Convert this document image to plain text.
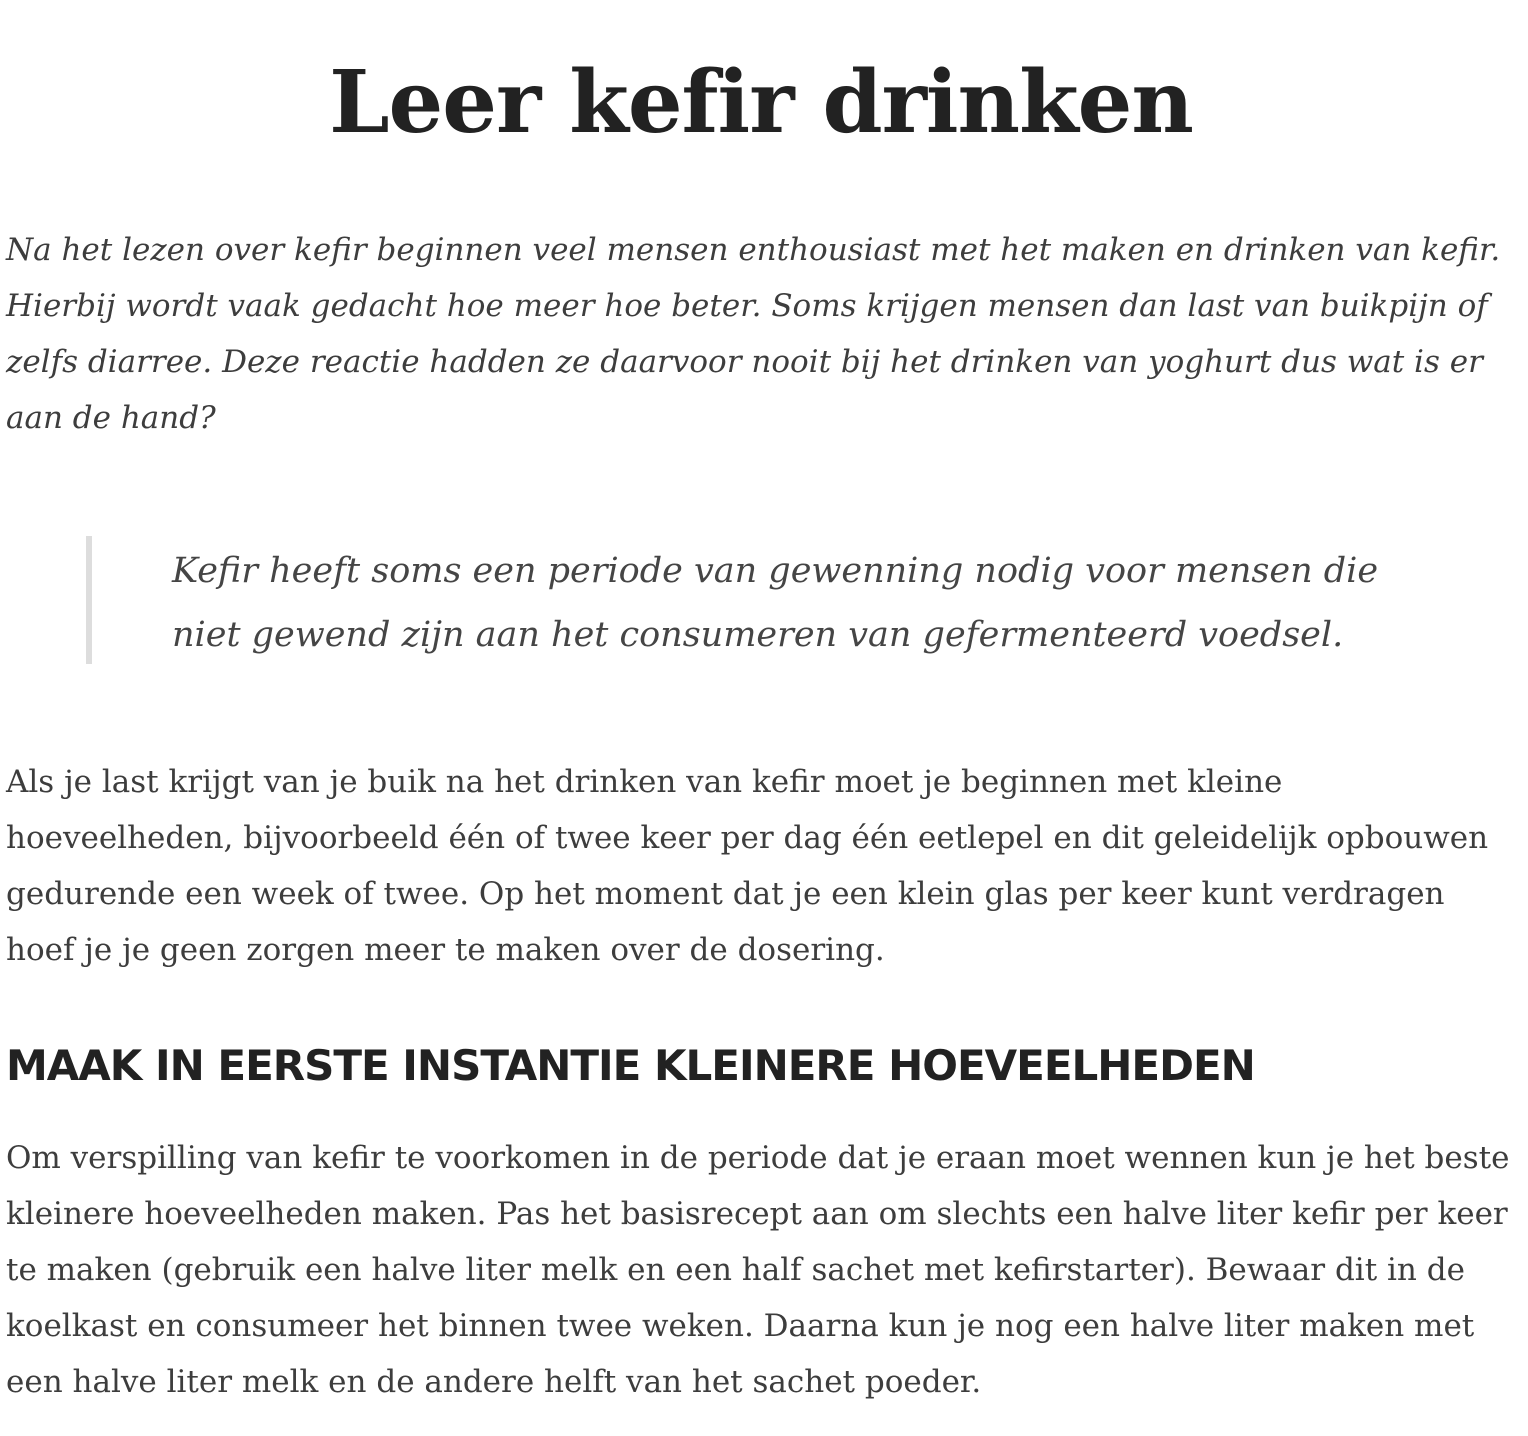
Leer kefir drinken

Na het lezen over kefir beginnen veel mensen enthousiast met het maken en drinken van kefir. Hierbij wordt vaak gedacht hoe meer hoe beter. Soms krijgen mensen dan last van buikpijn of zelfs diarree. Deze reactie hadden ze daarvoor nooit bij het drinken van yoghurt dus wat is er aan de hand?

Kefir heeft soms een periode van gewenning nodig voor mensen die niet gewend zijn aan het consumeren van gefermenteerd voedsel.

Als je last krijgt van je buik na het drinken van kefir moet je beginnen met kleine hoeveelheden, bijvoorbeeld één of twee keer per dag één eetlepel en dit geleidelijk opbouwen gedurende een week of twee. Op het moment dat je een klein glas per keer kunt verdragen hoef je je geen zorgen meer te maken over de dosering.

MAAK IN EERSTE INSTANTIE KLEINERE HOEVEELHEDEN

Om verspilling van kefir te voorkomen in de periode dat je eraan moet wennen kun je het beste kleinere hoeveelheden maken. Pas het basisrecept aan om slechts een halve liter kefir per keer te maken (gebruik een halve liter melk en een half sachet met kefirstarter). Bewaar dit in de koelkast en consumeer het binnen twee weken. Daarna kun je nog een halve liter maken met een halve liter melk en de andere helft van het sachet poeder.
